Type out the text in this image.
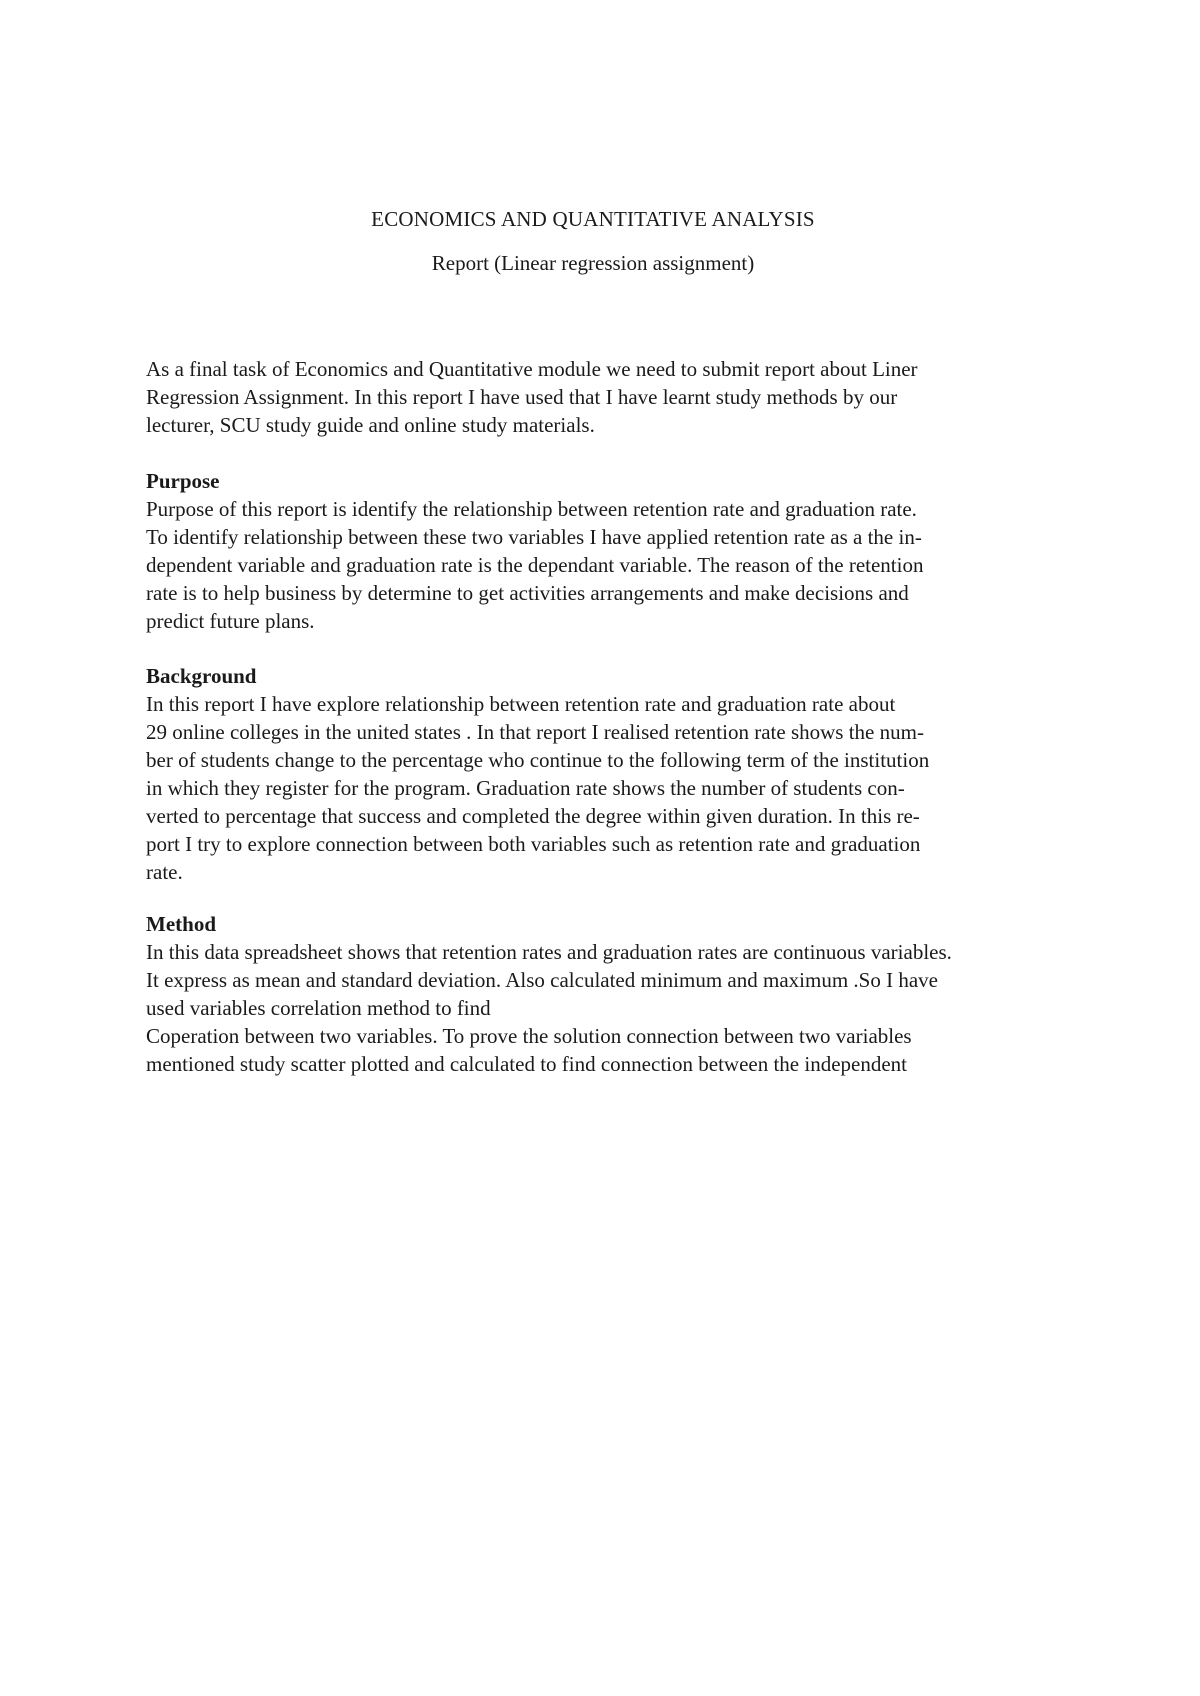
ECONOMICS AND QUANTITATIVE ANALYSIS
Report (Linear regression assignment)
As a final task of Economics and Quantitative module we need to submit report about Liner
Regression Assignment. In this report I have used that I have learnt study methods by our
lecturer, SCU study guide and online study materials.
Purpose
Purpose of this report is identify the relationship between retention rate and graduation rate.
To identify relationship between these two variables I have applied retention rate as a the in-
dependent variable and graduation rate is the dependant variable. The reason of the retention
rate is to help business by determine to get activities arrangements and make decisions and
predict future plans.
Background
In this report I have explore relationship between retention rate and graduation rate about
29 online colleges in the united states . In that report I realised retention rate shows the num-
ber of students change to the percentage who continue to the following term of the institution
in which they register for the program. Graduation rate shows the number of students con-
verted to percentage that success and completed the degree within given duration. In this re-
port I try to explore connection between both variables such as retention rate and graduation
rate.
Method
In this data spreadsheet shows that retention rates and graduation rates are continuous variables.
It express as mean and standard deviation. Also calculated minimum and maximum .So I have
used variables correlation method to find
Coperation between two variables. To prove the solution connection between two variables
mentioned study scatter plotted and calculated to find connection between the independent
